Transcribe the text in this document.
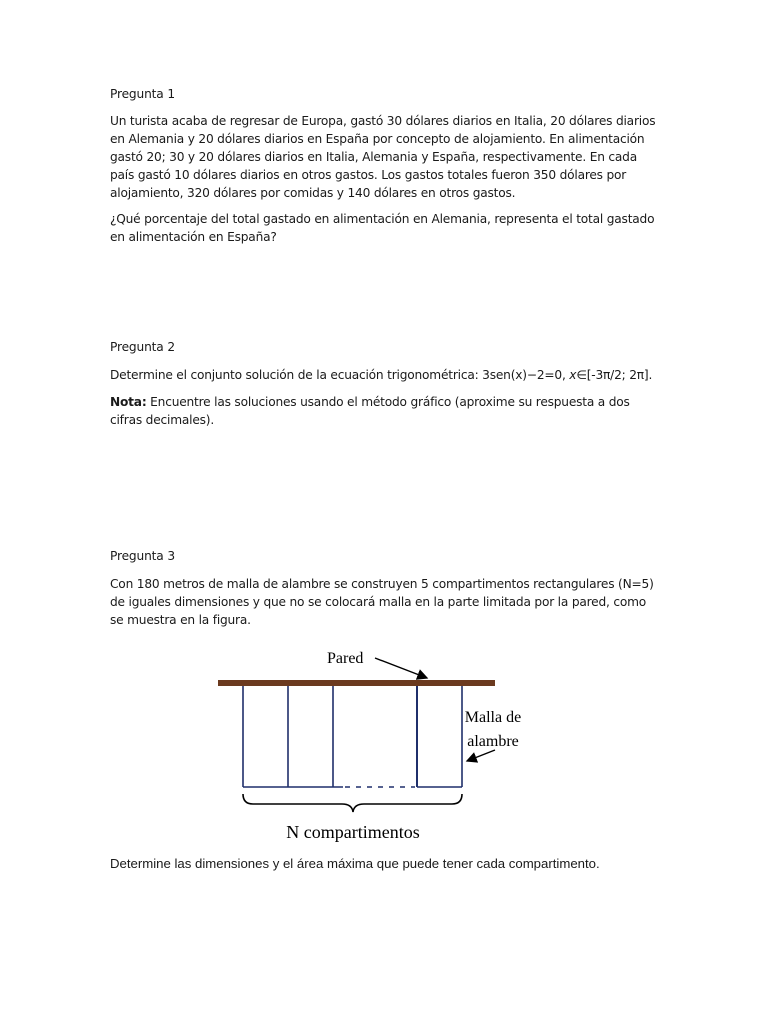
Pregunta 1
Un turista acaba de regresar de Europa, gastó 30 dólares diarios en Italia, 20 dólares diarios en Alemania y 20 dólares diarios en España por concepto de alojamiento. En alimentación gastó 20; 30 y 20 dólares diarios en Italia, Alemania y España, respectivamente. En cada país gastó 10 dólares diarios en otros gastos. Los gastos totales fueron 350 dólares por alojamiento, 320 dólares por comidas y 140 dólares en otros gastos.
¿Qué porcentaje del total gastado en alimentación en Alemania, representa el total gastado en alimentación en España?
Pregunta 2
Determine el conjunto solución de la ecuación trigonométrica: 3sen(x)−2=0, x∈[-3π/2; 2π].
Nota: Encuentre las soluciones usando el método gráfico (aproxime su respuesta a dos cifras decimales).
Pregunta 3
Con 180 metros de malla de alambre se construyen 5 compartimentos rectangulares (N=5) de iguales dimensiones y que no se colocará malla en la parte limitada por la pared, como se muestra en la figura.
Determine las dimensiones y el área máxima que puede tener cada compartimento.
Pared
Malla de
alambre
N compartimentos
